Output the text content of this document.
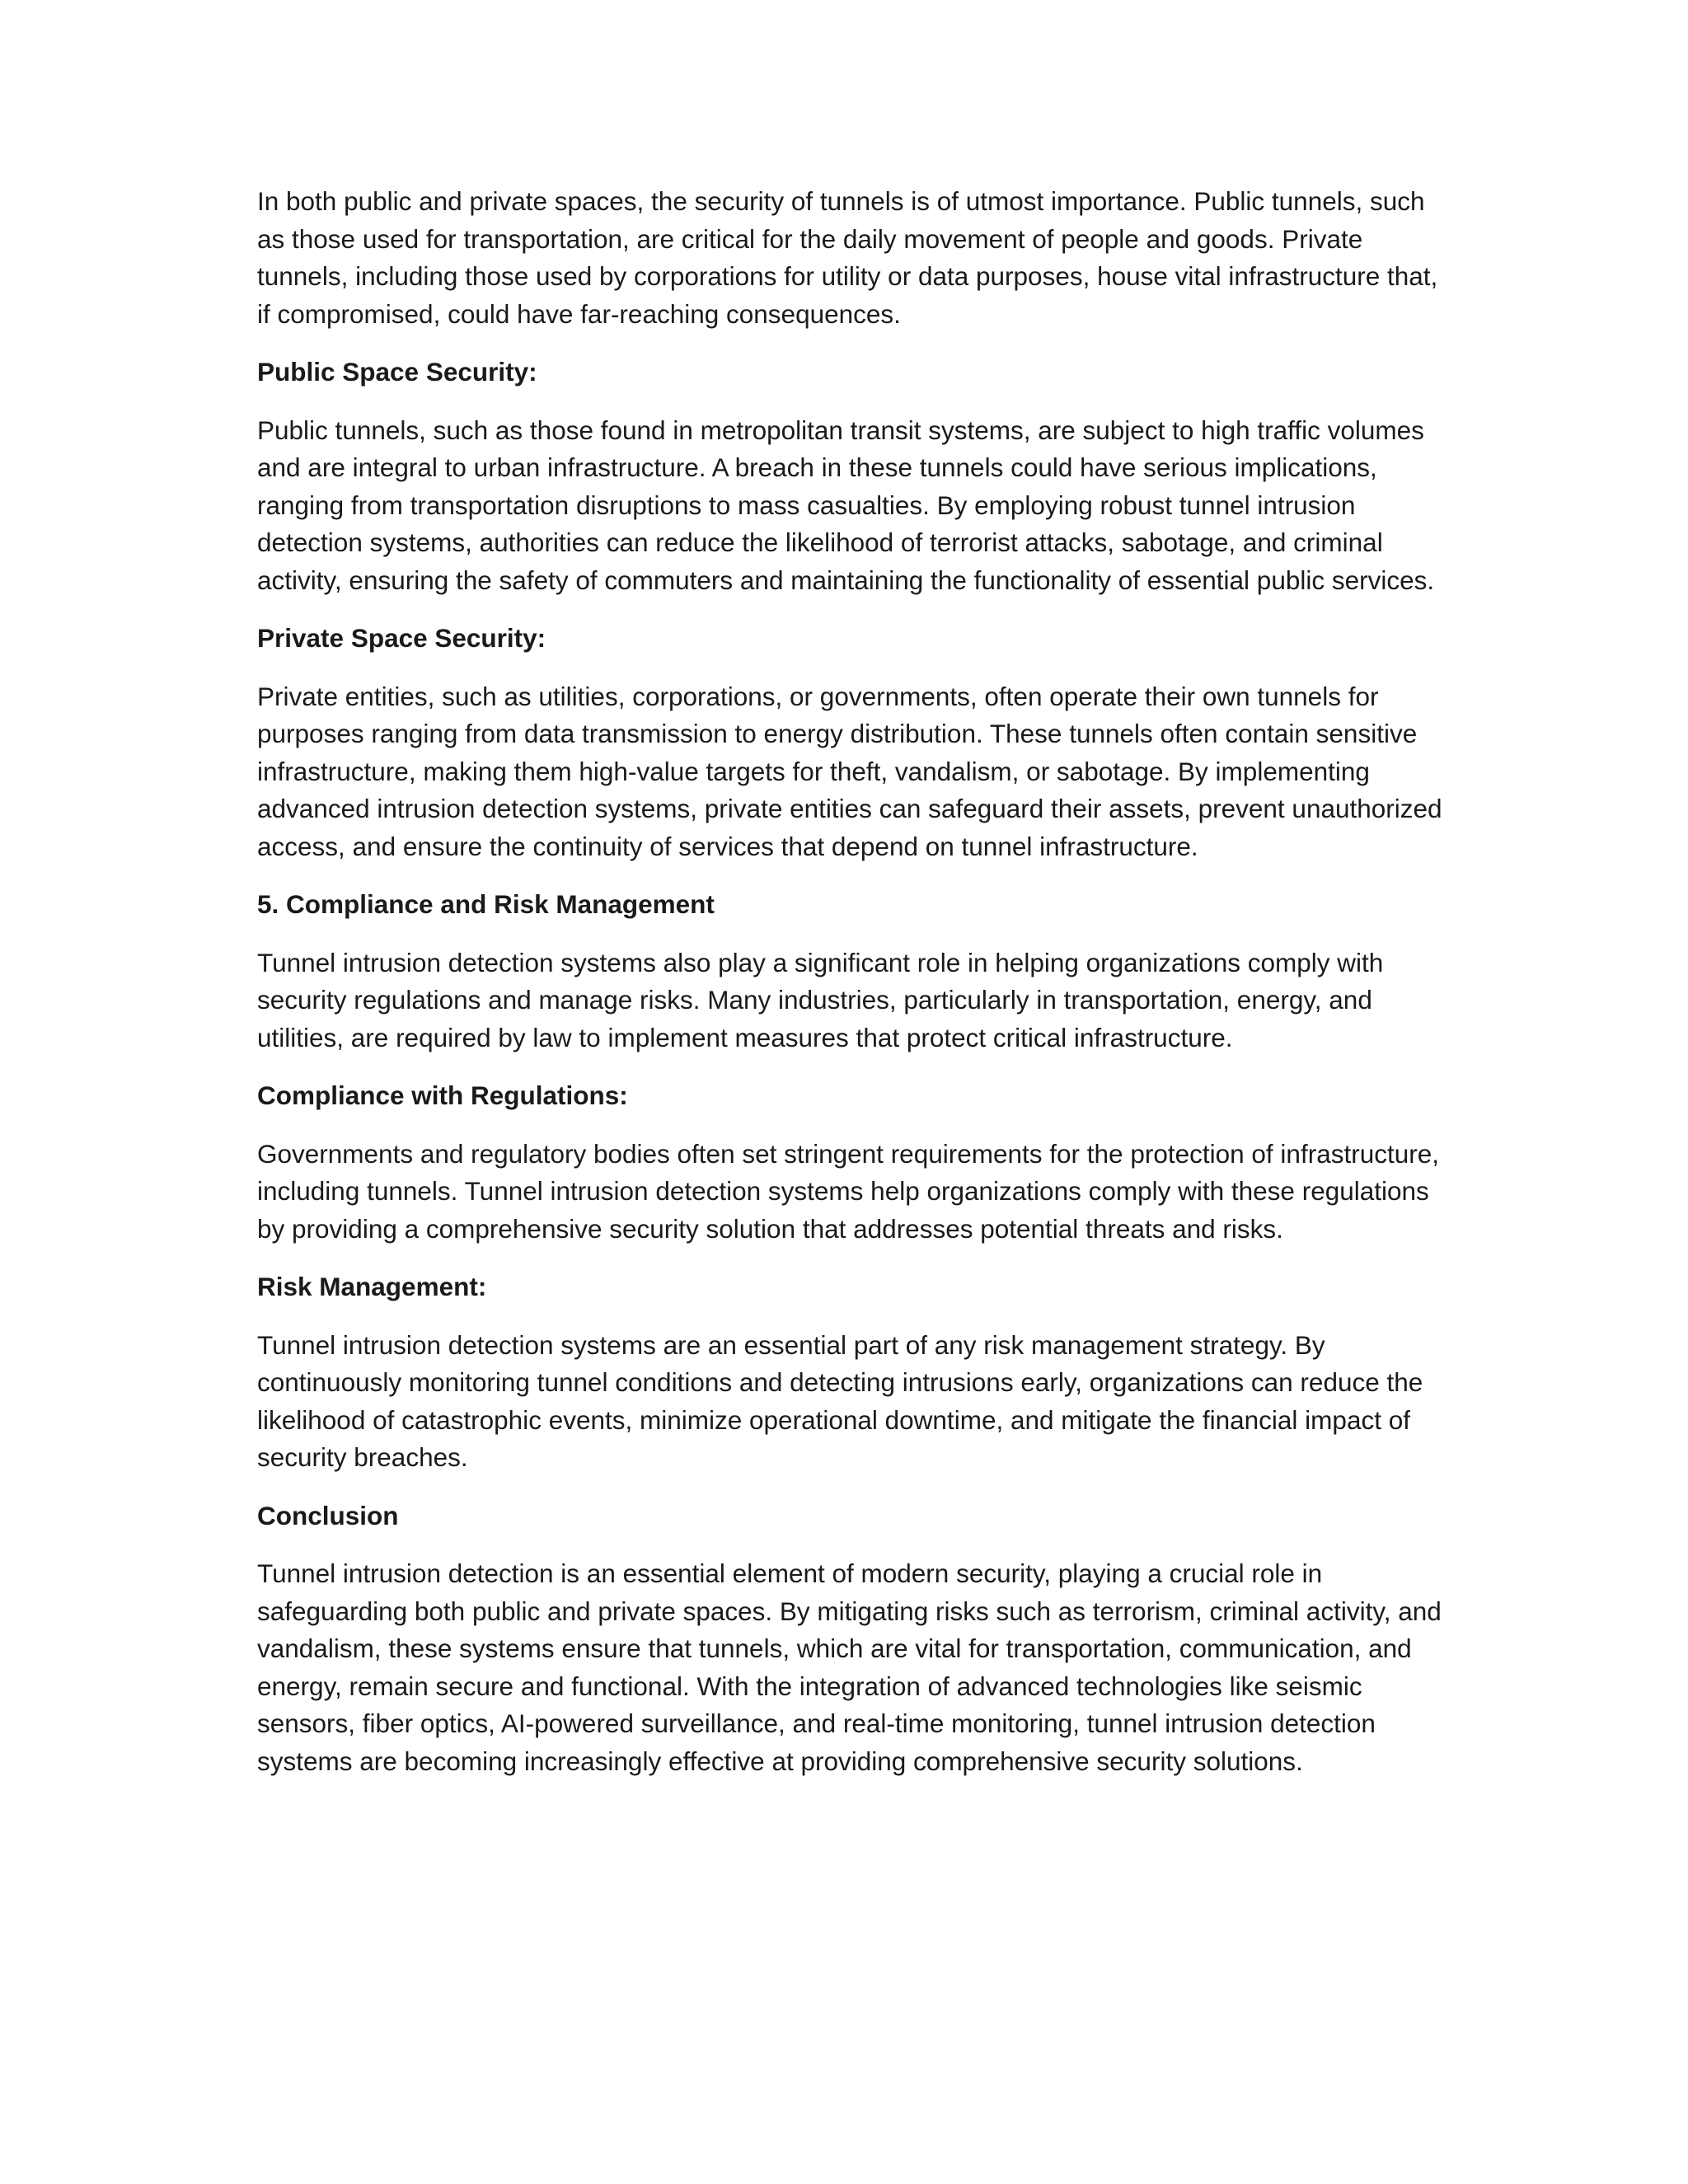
In both public and private spaces, the security of tunnels is of utmost importance. Public tunnels, such as those used for transportation, are critical for the daily movement of people and goods. Private tunnels, including those used by corporations for utility or data purposes, house vital infrastructure that, if compromised, could have far-reaching consequences.

Public Space Security:

Public tunnels, such as those found in metropolitan transit systems, are subject to high traffic volumes and are integral to urban infrastructure. A breach in these tunnels could have serious implications, ranging from transportation disruptions to mass casualties. By employing robust tunnel intrusion detection systems, authorities can reduce the likelihood of terrorist attacks, sabotage, and criminal activity, ensuring the safety of commuters and maintaining the functionality of essential public services.

Private Space Security:

Private entities, such as utilities, corporations, or governments, often operate their own tunnels for purposes ranging from data transmission to energy distribution. These tunnels often contain sensitive infrastructure, making them high-value targets for theft, vandalism, or sabotage. By implementing advanced intrusion detection systems, private entities can safeguard their assets, prevent unauthorized access, and ensure the continuity of services that depend on tunnel infrastructure.

5. Compliance and Risk Management

Tunnel intrusion detection systems also play a significant role in helping organizations comply with security regulations and manage risks. Many industries, particularly in transportation, energy, and utilities, are required by law to implement measures that protect critical infrastructure.

Compliance with Regulations:

Governments and regulatory bodies often set stringent requirements for the protection of infrastructure, including tunnels. Tunnel intrusion detection systems help organizations comply with these regulations by providing a comprehensive security solution that addresses potential threats and risks.

Risk Management:

Tunnel intrusion detection systems are an essential part of any risk management strategy. By continuously monitoring tunnel conditions and detecting intrusions early, organizations can reduce the likelihood of catastrophic events, minimize operational downtime, and mitigate the financial impact of security breaches.

Conclusion

Tunnel intrusion detection is an essential element of modern security, playing a crucial role in safeguarding both public and private spaces. By mitigating risks such as terrorism, criminal activity, and vandalism, these systems ensure that tunnels, which are vital for transportation, communication, and energy, remain secure and functional. With the integration of advanced technologies like seismic sensors, fiber optics, AI-powered surveillance, and real-time monitoring, tunnel intrusion detection systems are becoming increasingly effective at providing comprehensive security solutions.
